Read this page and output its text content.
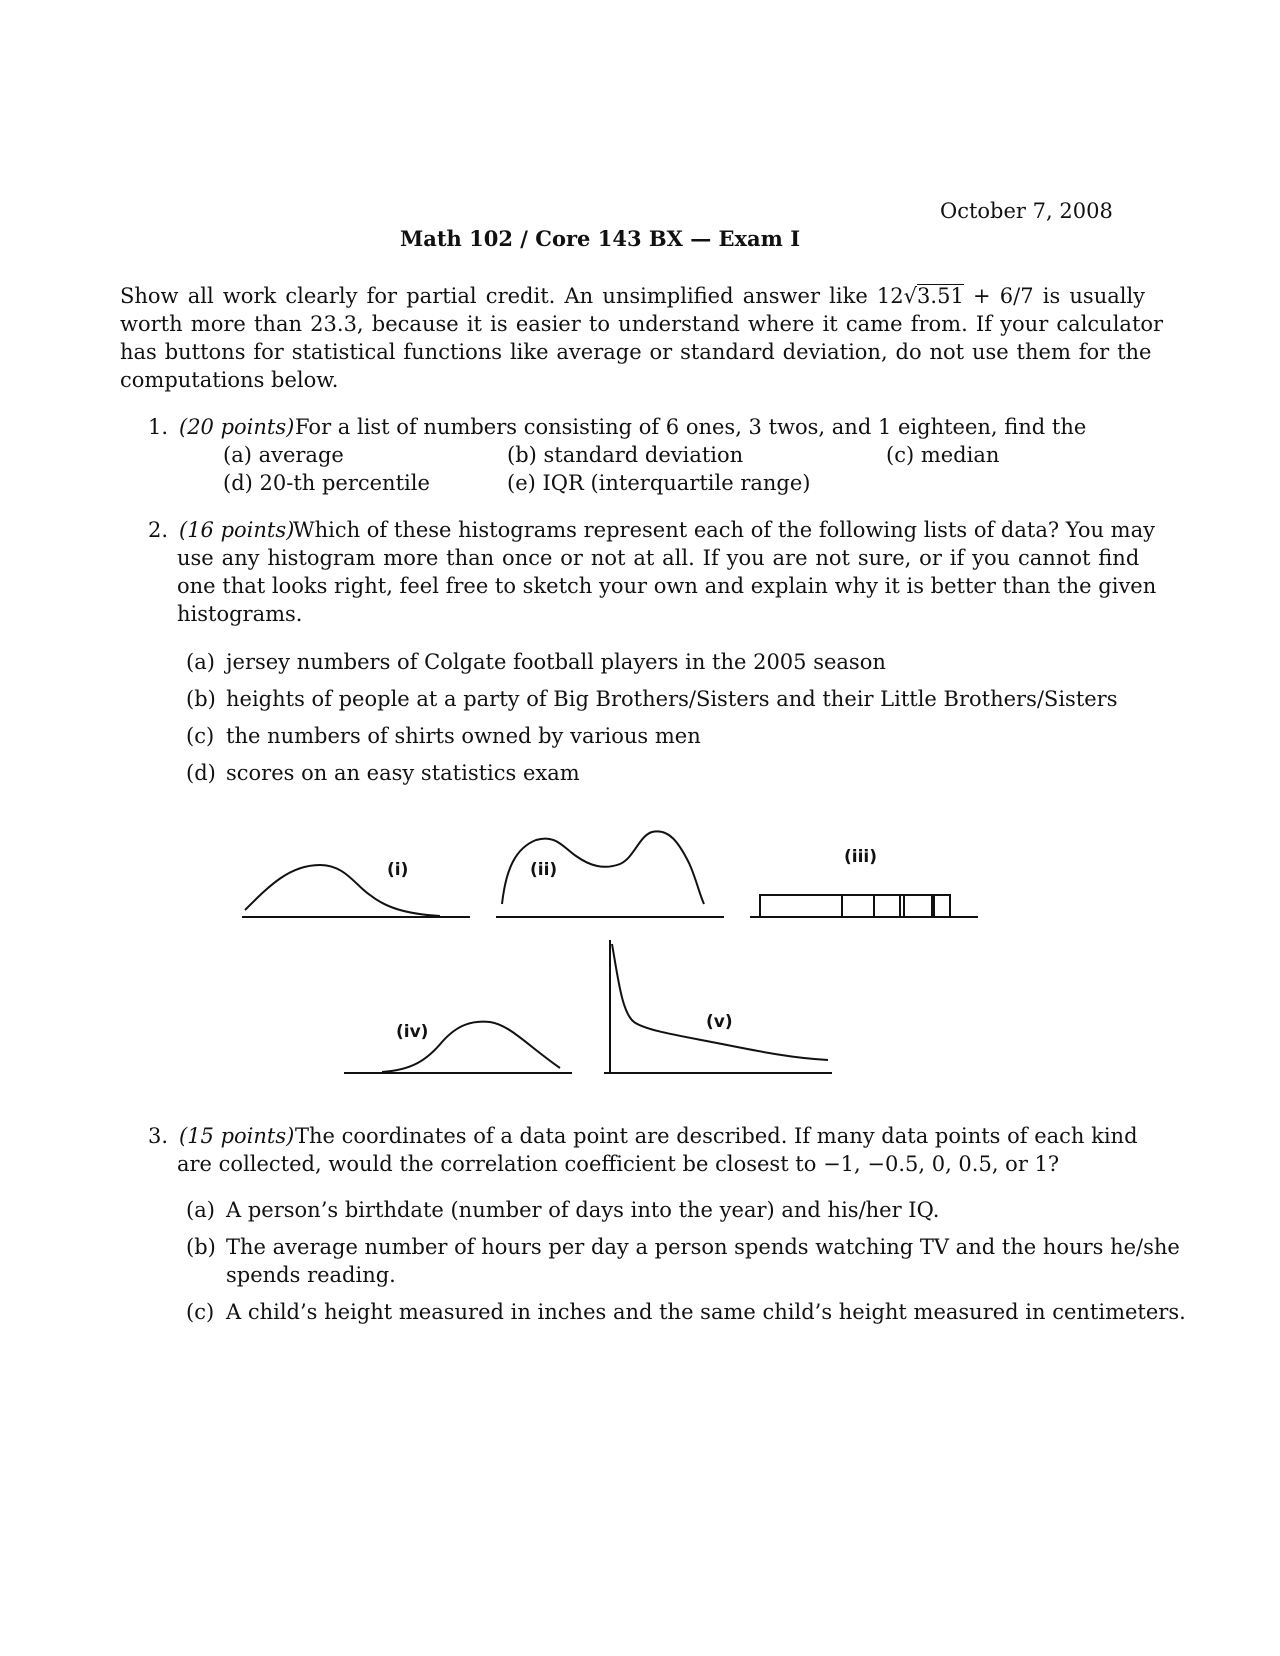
October 7, 2008
Math 102 / Core 143 BX — Exam I
Show all work clearly for partial credit. An unsimplified answer like 12√3.51 + 6/7 is usually
worth more than 23.3, because it is easier to understand where it came from. If your calculator
has buttons for statistical functions like average or standard deviation, do not use them for the
computations below.
1. (20 points) For a list of numbers consisting of 6 ones, 3 twos, and 1 eighteen, find the
(a) average	(b) standard deviation	(c) median
(d) 20-th percentile	(e) IQR (interquartile range)
2. (16 points)
Which of these histograms represent each of the following lists of data? You may
use any histogram more than once or not at all. If you are not sure, or if you cannot find
one that looks right, feel free to sketch your own and explain why it is better than the given
histograms.
(a) jersey numbers of Colgate football players in the 2005 season
(b) heights of people at a party of Big Brothers/Sisters and their Little Brothers/Sisters
(c) the numbers of shirts owned by various men
(d) scores on an easy statistics exam
(i)	(ii)
(iii)
(iv)	(v)
3. (15 points) The coordinates of a data point are described. If many data points of each kind
are collected, would the correlation coefficient be closest to −1, −0.5, 0, 0.5, or 1?
(a) A person’s birthdate (number of days into the year) and his/her IQ.
(b) The average number of hours per day a person spends watching TV and the hours he/she
spends reading.
(c) A child’s height measured in inches and the same child’s height measured in centimeters.
